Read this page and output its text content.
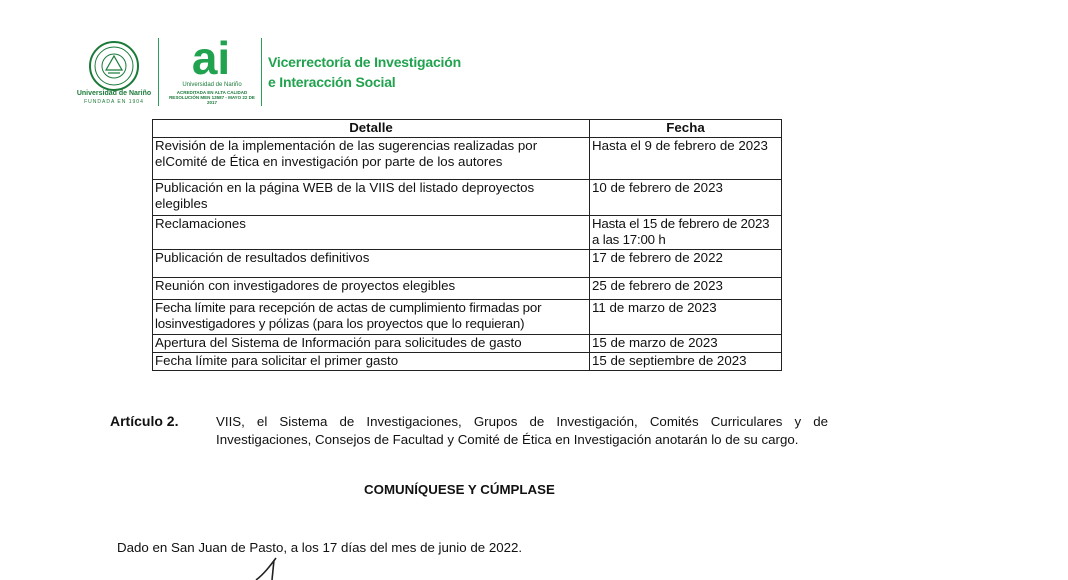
Universidad de Nariño
FUNDADA EN 1904
ai
Universidad de Nariño
ACREDITADA EN ALTA CALIDAD
RESOLUCIÓN MEN 13587 - MAYO 22 DE 2017
Vicerrectoría de Investigación
e Interacción Social
Detalle	Fecha
Revisión de la implementación de las sugerencias realizadas por elComité de Ética en investigación por parte de los autores	Hasta el 9 de febrero de 2023
Publicación en la página WEB de la VIIS del listado deproyectos elegibles	10 de febrero de 2023
Reclamaciones	Hasta el 15 de febrero de 2023 a las 17:00 h
Publicación de resultados definitivos	17 de febrero de 2022
Reunión con investigadores de proyectos elegibles	25 de febrero de 2023
Fecha límite para recepción de actas de cumplimiento firmadas por losinvestigadores y pólizas (para los proyectos que lo requieran)	11 de marzo de 2023
Apertura del Sistema de Información para solicitudes de gasto	15 de marzo de 2023
Fecha límite para solicitar el primer gasto	15 de septiembre de 2023
Artículo 2.	VIIS, el Sistema de Investigaciones, Grupos de Investigación, Comités Curriculares y de Investigaciones, Consejos de Facultad y Comité de Ética en Investigación anotarán lo de su cargo.
COMUNÍQUESE Y CÚMPLASE
Dado en San Juan de Pasto, a los 17 días del mes de junio de 2022.
